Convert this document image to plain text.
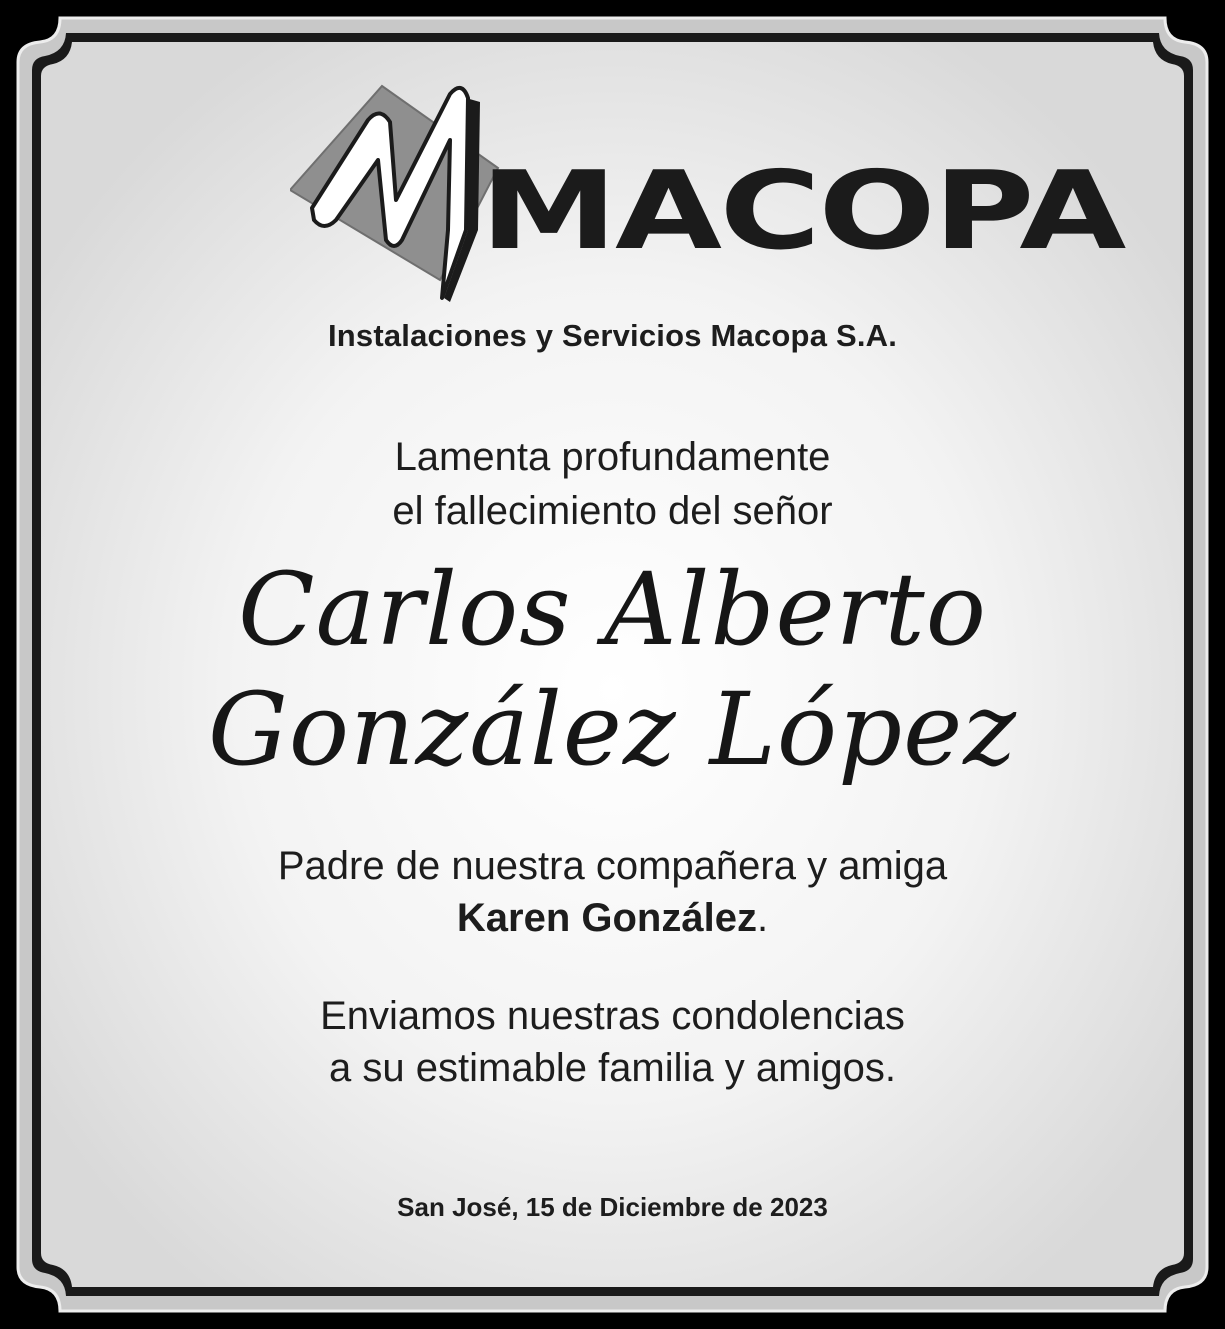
MACOPA
Instalaciones y Servicios Macopa S.A.
Lamenta profundamente
el fallecimiento del señor
Carlos Alberto
González López
Padre de nuestra compañera y amiga
Karen González.
Enviamos nuestras condolencias
a su estimable familia y amigos.
San José, 15 de Diciembre de 2023
